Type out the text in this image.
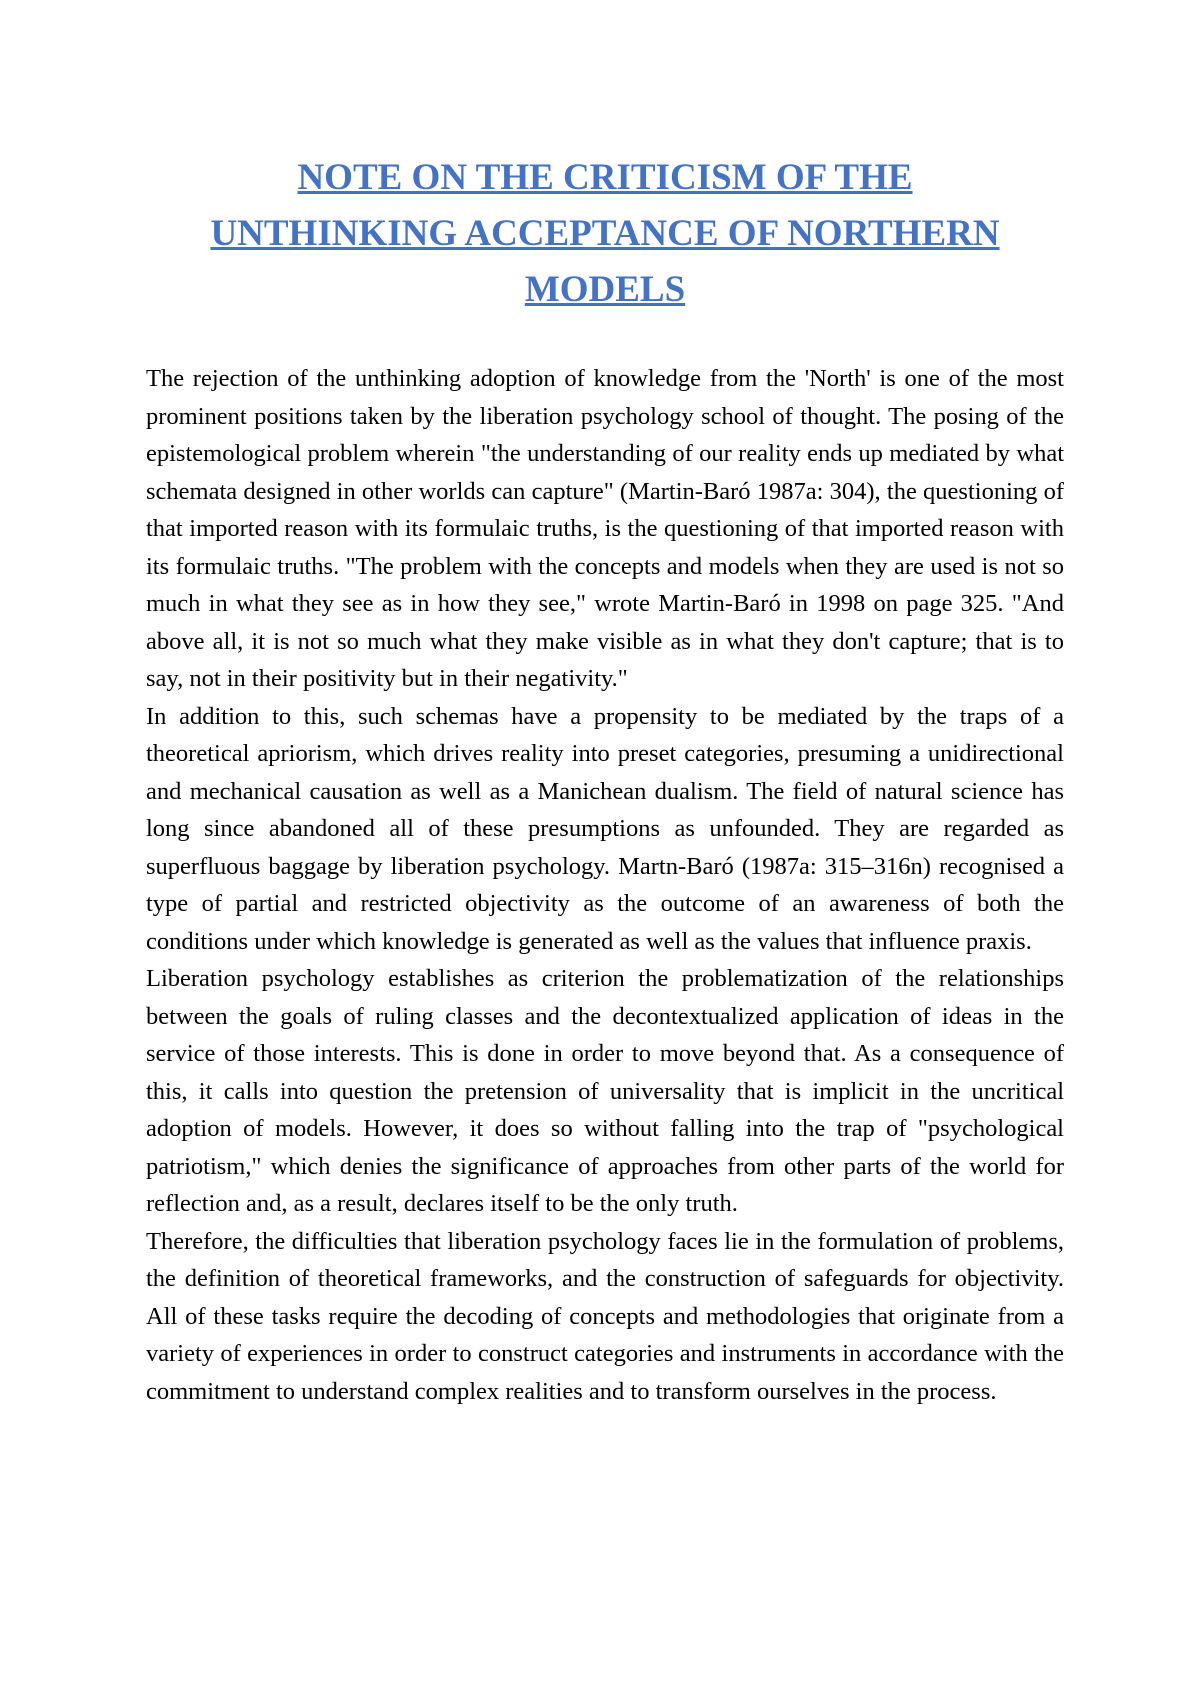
NOTE ON THE CRITICISM OF THE
UNTHINKING ACCEPTANCE OF NORTHERN
MODELS

The rejection of the unthinking adoption of knowledge from the 'North' is one of the most prominent positions taken by the liberation psychology school of thought. The posing of the epistemological problem wherein "the understanding of our reality ends up mediated by what schemata designed in other worlds can capture" (Martin-Baró 1987a: 304), the questioning of that imported reason with its formulaic truths, is the questioning of that imported reason with its formulaic truths. "The problem with the concepts and models when they are used is not so much in what they see as in how they see," wrote Martin-Baró in 1998 on page 325. "And above all, it is not so much what they make visible as in what they don't capture; that is to say, not in their positivity but in their negativity."

In addition to this, such schemas have a propensity to be mediated by the traps of a theoretical apriorism, which drives reality into preset categories, presuming a unidirectional and mechanical causation as well as a Manichean dualism. The field of natural science has long since abandoned all of these presumptions as unfounded. They are regarded as superfluous baggage by liberation psychology. Martn-Baró (1987a: 315–316n) recognised a type of partial and restricted objectivity as the outcome of an awareness of both the conditions under which knowledge is generated as well as the values that influence praxis.

Liberation psychology establishes as criterion the problematization of the relationships between the goals of ruling classes and the decontextualized application of ideas in the service of those interests. This is done in order to move beyond that. As a consequence of this, it calls into question the pretension of universality that is implicit in the uncritical adoption of models. However, it does so without falling into the trap of "psychological patriotism," which denies the significance of approaches from other parts of the world for reflection and, as a result, declares itself to be the only truth.

Therefore, the difficulties that liberation psychology faces lie in the formulation of problems, the definition of theoretical frameworks, and the construction of safeguards for objectivity. All of these tasks require the decoding of concepts and methodologies that originate from a variety of experiences in order to construct categories and instruments in accordance with the commitment to understand complex realities and to transform ourselves in the process.
